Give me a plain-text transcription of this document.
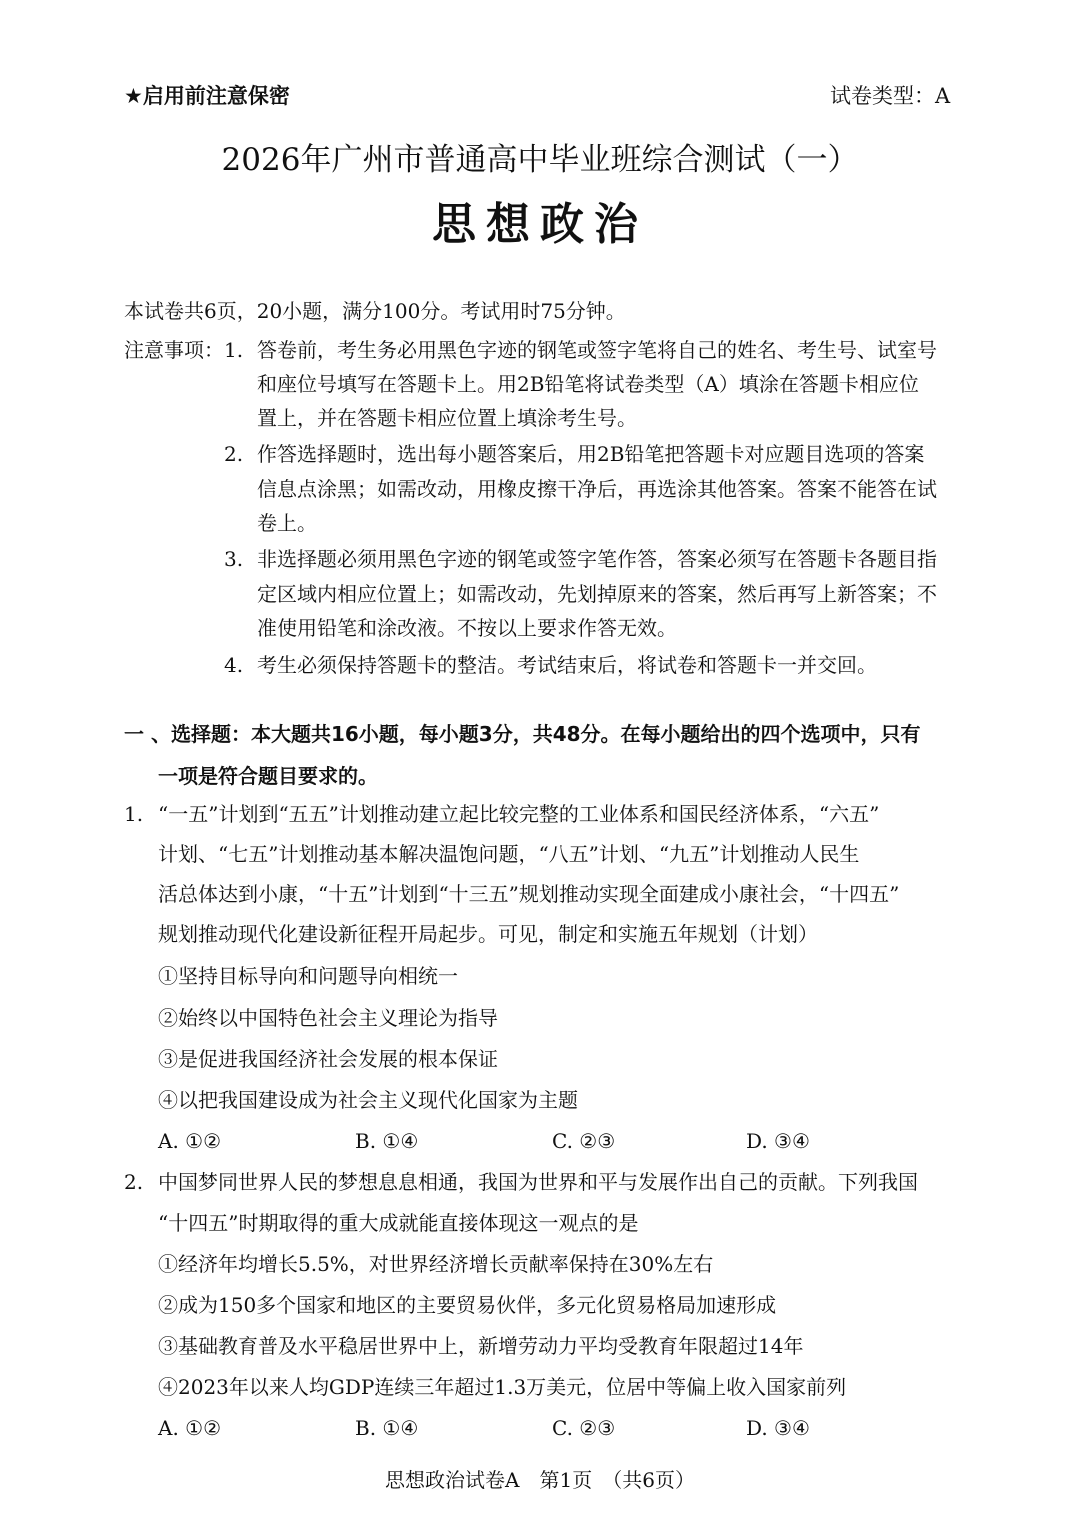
★启用前注意保密	试卷类型：A
2026年广州市普通高中毕业班综合测试（一）
思想政治
本试卷共6页，20小题，满分100分。考试用时75分钟。
注意事项： 1. 答卷前，考生务必用黑色字迹的钢笔或签字笔将自己的姓名、考生号、试室号
和座位号填写在答题卡上。用2B铅笔将试卷类型（A）填涂在答题卡相应位
置上，并在答题卡相应位置上填涂考生号。
2. 作答选择题时，选出每小题答案后，用2B铅笔把答题卡对应题目选项的答案
信息点涂黑；如需改动，用橡皮擦干净后，再选涂其他答案。答案不能答在试
卷上。
3. 非选择题必须用黑色字迹的钢笔或签字笔作答，答案必须写在答题卡各题目指
定区域内相应位置上；如需改动，先划掉原来的答案，然后再写上新答案；不
准使用铅笔和涂改液。不按以上要求作答无效。
4. 考生必须保持答题卡的整洁。考试结束后，将试卷和答题卡一并交回。
一 、选择题：本大题共16小题，每小题3分，共48分。在每小题给出的四个选项中，只有
一项是符合题目要求的。
1. “一五”计划到“五五”计划推动建立起比较完整的工业体系和国民经济体系，“六五”
计划、“七五”计划推动基本解决温饱问题，“八五”计划、“九五”计划推动人民生
活总体达到小康，“十五”计划到“十三五”规划推动实现全面建成小康社会，“十四五”
规划推动现代化建设新征程开局起步。可见，制定和实施五年规划（计划）
①坚持目标导向和问题导向相统一
②始终以中国特色社会主义理论为指导
③是促进我国经济社会发展的根本保证
④以把我国建设成为社会主义现代化国家为主题
A. ①②	B. ①④	C. ②③	D. ③④
2. 中国梦同世界人民的梦想息息相通，我国为世界和平与发展作出自己的贡献。下列我国
“十四五”时期取得的重大成就能直接体现这一观点的是
①经济年均增长5.5%，对世界经济增长贡献率保持在30%左右
②成为150多个国家和地区的主要贸易伙伴，多元化贸易格局加速形成
③基础教育普及水平稳居世界中上，新增劳动力平均受教育年限超过14年
④2023年以来人均GDP连续三年超过1.3万美元，位居中等偏上收入国家前列
A. ①②	B. ①④	C. ②③	D. ③④
思想政治试卷A　第1页　（共6页）
